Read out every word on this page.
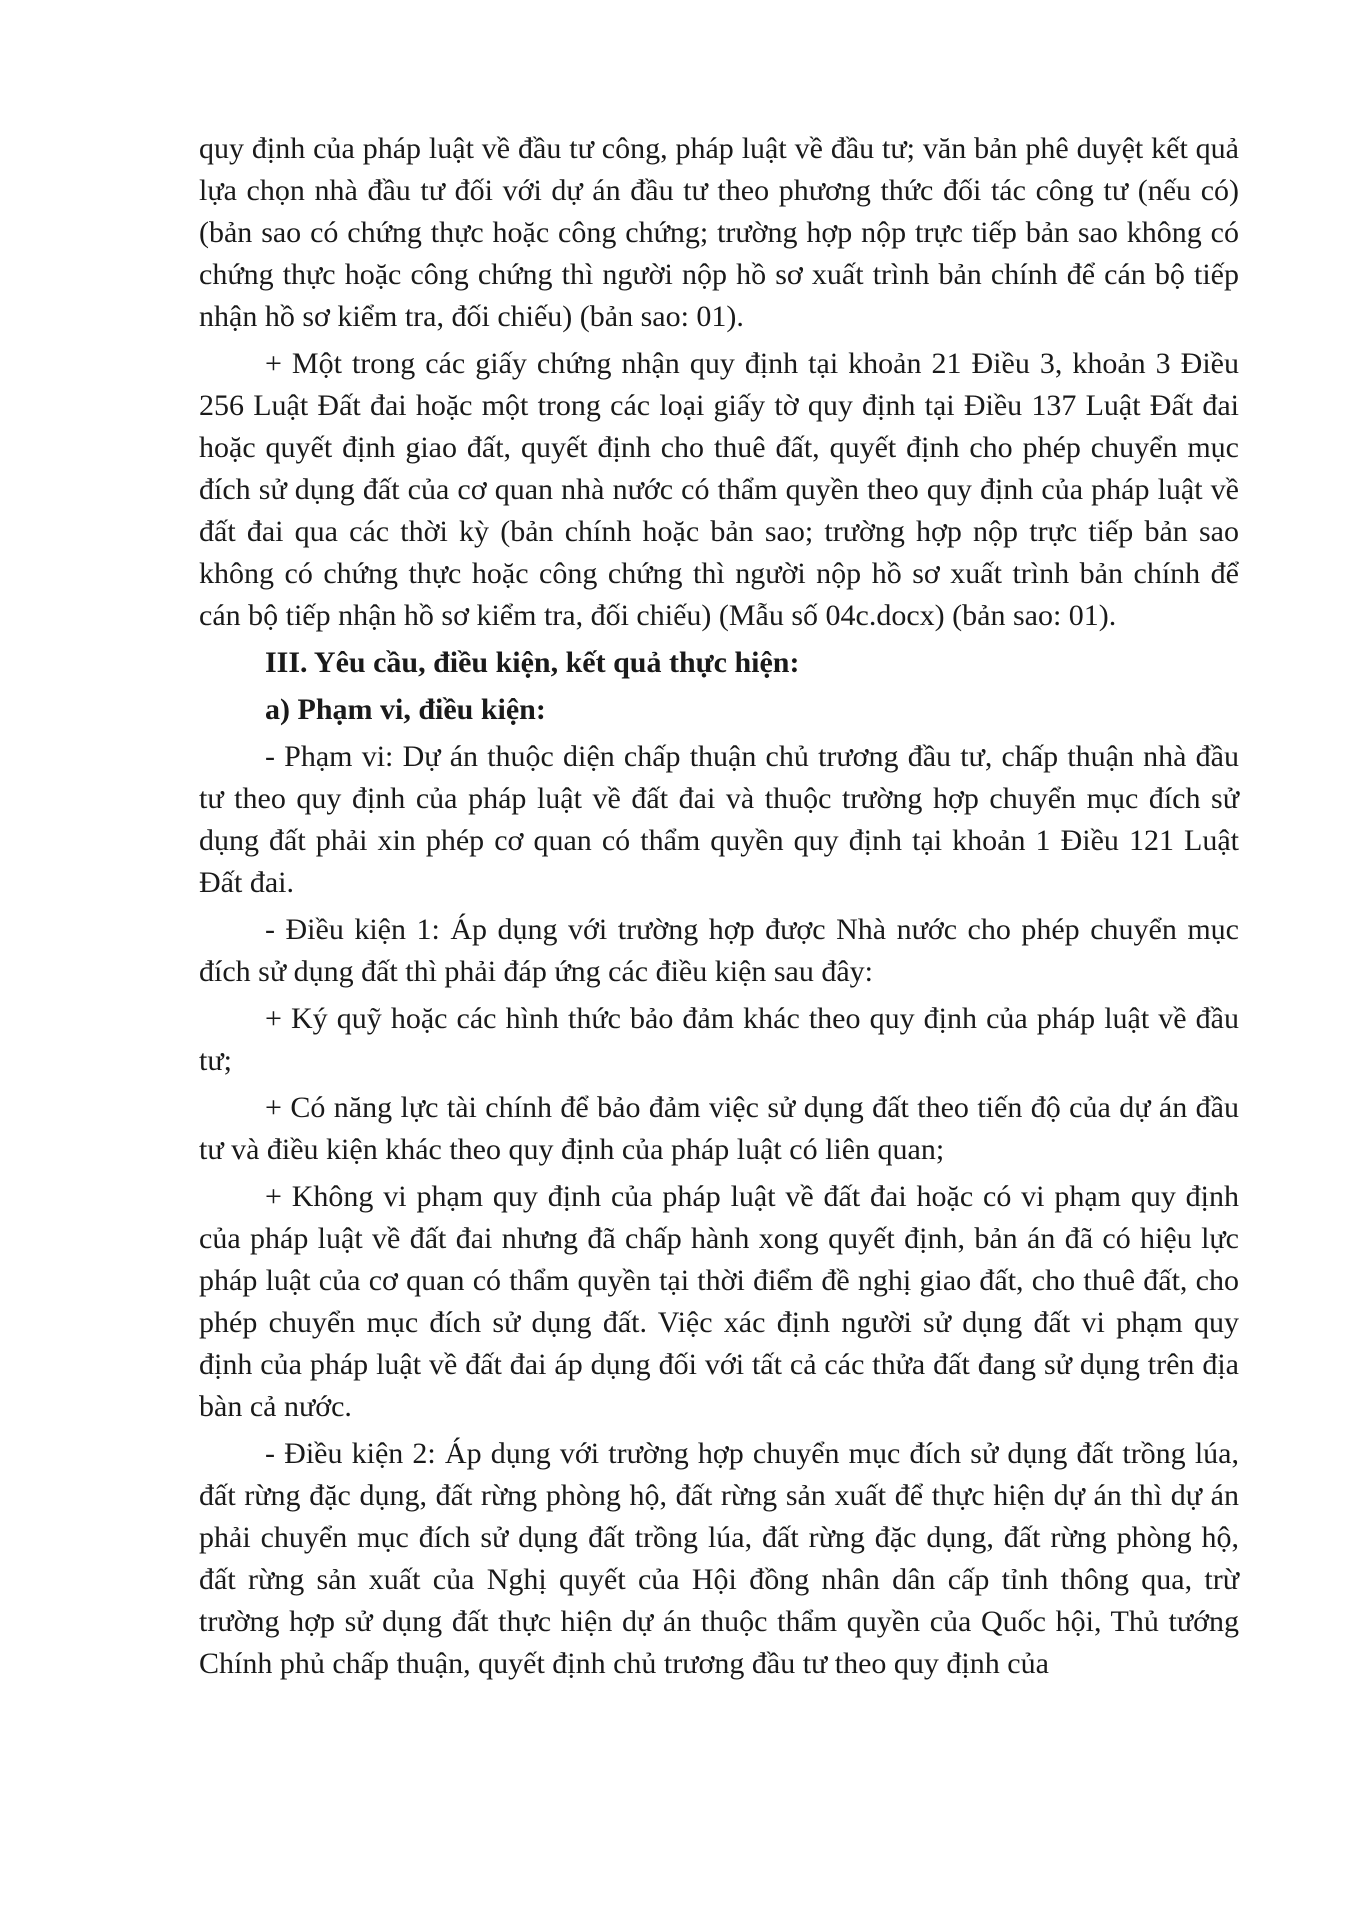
quy định của pháp luật về đầu tư công, pháp luật về đầu tư; văn bản phê duyệt kết quả lựa chọn nhà đầu tư đối với dự án đầu tư theo phương thức đối tác công tư (nếu có) (bản sao có chứng thực hoặc công chứng; trường hợp nộp trực tiếp bản sao không có chứng thực hoặc công chứng thì người nộp hồ sơ xuất trình bản chính để cán bộ tiếp nhận hồ sơ kiểm tra, đối chiếu) (bản sao: 01).

+ Một trong các giấy chứng nhận quy định tại khoản 21 Điều 3, khoản 3 Điều 256 Luật Đất đai hoặc một trong các loại giấy tờ quy định tại Điều 137 Luật Đất đai hoặc quyết định giao đất, quyết định cho thuê đất, quyết định cho phép chuyển mục đích sử dụng đất của cơ quan nhà nước có thẩm quyền theo quy định của pháp luật về đất đai qua các thời kỳ (bản chính hoặc bản sao; trường hợp nộp trực tiếp bản sao không có chứng thực hoặc công chứng thì người nộp hồ sơ xuất trình bản chính để cán bộ tiếp nhận hồ sơ kiểm tra, đối chiếu) (Mẫu số 04c.docx) (bản sao: 01).

III. Yêu cầu, điều kiện, kết quả thực hiện:

a) Phạm vi, điều kiện:

- Phạm vi: Dự án thuộc diện chấp thuận chủ trương đầu tư, chấp thuận nhà đầu tư theo quy định của pháp luật về đất đai và thuộc trường hợp chuyển mục đích sử dụng đất phải xin phép cơ quan có thẩm quyền quy định tại khoản 1 Điều 121 Luật Đất đai.

- Điều kiện 1: Áp dụng với trường hợp được Nhà nước cho phép chuyển mục đích sử dụng đất thì phải đáp ứng các điều kiện sau đây:

+ Ký quỹ hoặc các hình thức bảo đảm khác theo quy định của pháp luật về đầu tư;

+ Có năng lực tài chính để bảo đảm việc sử dụng đất theo tiến độ của dự án đầu tư và điều kiện khác theo quy định của pháp luật có liên quan;

+ Không vi phạm quy định của pháp luật về đất đai hoặc có vi phạm quy định của pháp luật về đất đai nhưng đã chấp hành xong quyết định, bản án đã có hiệu lực pháp luật của cơ quan có thẩm quyền tại thời điểm đề nghị giao đất, cho thuê đất, cho phép chuyển mục đích sử dụng đất. Việc xác định người sử dụng đất vi phạm quy định của pháp luật về đất đai áp dụng đối với tất cả các thửa đất đang sử dụng trên địa bàn cả nước.

- Điều kiện 2: Áp dụng với trường hợp chuyển mục đích sử dụng đất trồng lúa, đất rừng đặc dụng, đất rừng phòng hộ, đất rừng sản xuất để thực hiện dự án thì dự án phải chuyển mục đích sử dụng đất trồng lúa, đất rừng đặc dụng, đất rừng phòng hộ, đất rừng sản xuất của Nghị quyết của Hội đồng nhân dân cấp tỉnh thông qua, trừ trường hợp sử dụng đất thực hiện dự án thuộc thẩm quyền của Quốc hội, Thủ tướng Chính phủ chấp thuận, quyết định chủ trương đầu tư theo quy định của
